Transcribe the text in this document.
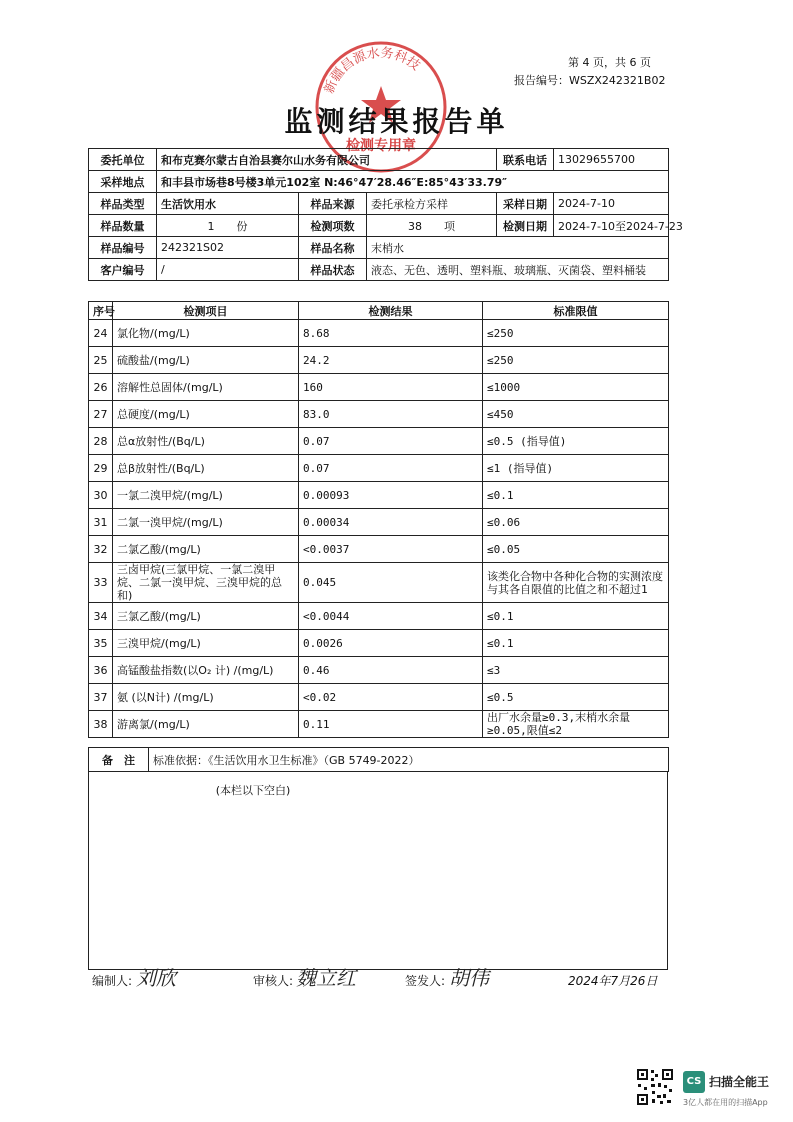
第 4 页，共 6 页
报告编号：WSZX242321B02
新疆昌源水务科技
检测专用章
监测结果报告单
委托单位	和布克赛尔蒙古自治县赛尔山水务有限公司			联系电话	13029655700
采样地点	和丰县市场巷8号楼3单元102室 N:46°47′28.46″E:85°43′33.79″				
样品类型	生活饮用水	样品来源	委托承检方采样	采样日期	2024-7-10
样品数量	1　　份	检测项数	38　　项	检测日期	2024-7-10至2024-7-23
样品编号	242321S02	样品名称	末梢水		
客户编号	/	样品状态	液态、无色、透明、塑料瓶、玻璃瓶、灭菌袋、塑料桶装		
序号	检测项目	检测结果	标准限值
24	氯化物/(mg/L)	8.68	≤250
25	硫酸盐/(mg/L)	24.2	≤250
26	溶解性总固体/(mg/L)	160	≤1000
27	总硬度/(mg/L)	83.0	≤450
28	总α放射性/(Bq/L)	0.07	≤0.5 (指导值)
29	总β放射性/(Bq/L)	0.07	≤1 (指导值)
30	一氯二溴甲烷/(mg/L)	0.00093	≤0.1
31	二氯一溴甲烷/(mg/L)	0.00034	≤0.06
32	二氯乙酸/(mg/L)	<0.0037	≤0.05
33	三卤甲烷(三氯甲烷、一氯二溴甲烷、二氯一溴甲烷、三溴甲烷的总和)	0.045	该类化合物中各种化合物的实测浓度与其各自限值的比值之和不超过1
34	三氯乙酸/(mg/L)	<0.0044	≤0.1
35	三溴甲烷/(mg/L)	0.0026	≤0.1
36	高锰酸盐指数(以O₂ 计) /(mg/L)	0.46	≤3
37	氨 (以N计) /(mg/L)	<0.02	≤0.5
38	游离氯/(mg/L)	0.11	出厂水余量≥0.3,末梢水余量≥0.05,限值≤2
备　注	标准依据：《生活饮用水卫生标准》（GB 5749-2022）
(本栏以下空白)
编制人: 刘欣	审核人: 魏立红	签发人: 胡伟	2024年7月26日
CS 扫描全能王
3亿人都在用的扫描App
